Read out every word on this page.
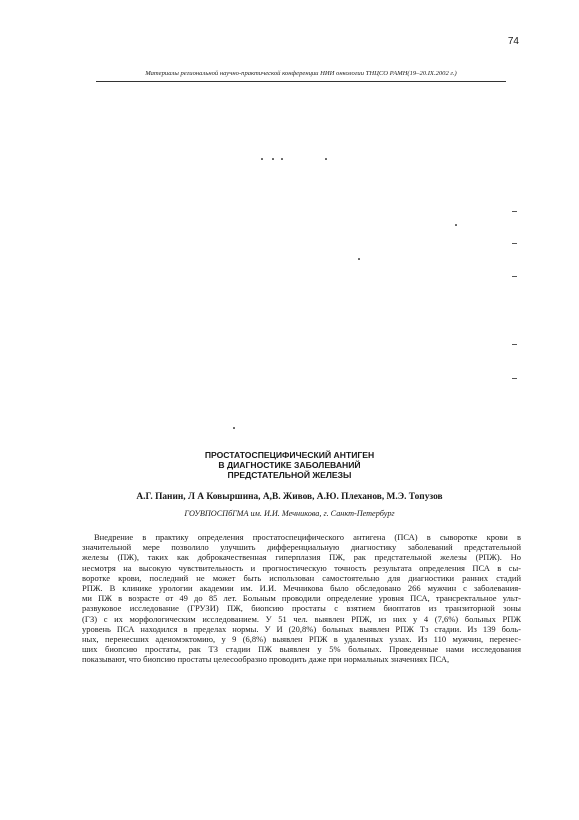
74
Материалы региональной научно-практической конференции НИИ онкологии ТНЦСО РАМН(19–20.IX.2002 г.)
ПРОСТАТОСПЕЦИФИЧЕСКИЙ АНТИГЕН
В ДИАГНОСТИКЕ ЗАБОЛЕВАНИЙ
ПРЕДСТАТЕЛЬНОЙ ЖЕЛЕЗЫ
А.Г. Панин, Л А Ковыршина, А,В. Живов, А.Ю. Плеханов, М.Э. Топузов
ГОУВПОСПбГМА им. И.И. Мечникова, г. Санкт-Петербург
Внедрение в практику определения простатоспецифического антигена (ПСА) в сыворотке крови в
значительной мере позволило улучшить дифференциальную диагностику заболеваний предстательной
железы (ПЖ), таких как доброкачественная гиперплазия ПЖ, рак предстательной железы (РПЖ). Но
несмотря на высокую чувствительность и прогностическую точность результата определения ПСА в сы-
воротке крови, последний не может быть использован самостоятельно для диагностики ранних стадий
РПЖ. В клинике урологии академии им. И.И. Мечникова было обследовано 266 мужчин с заболевания-
ми ПЖ в возрасте от 49 до 85 лет. Больным проводили определение уровня ПСА, трансректальное ульт-
развуковое исследование (ГРУЗИ) ПЖ, биопсию простаты с взятием биоптатов из транзиторной зоны
(ГЗ) с их морфологическим исследованием. У 51 чел. выявлен РПЖ, из них у 4 (7,6%) больных РПЖ
уровень ПСА находился в пределах нормы. У И (20,8%) больных выявлен РПЖ Тз стадии. Из 139 боль-
ных, перенесших аденомэктомию, у 9 (6,8%) выявлен РПЖ в удаленных узлах. Из 110 мужчин, перенес-
ших биопсию простаты, рак ТЗ стадии ПЖ выявлен у 5% больных. Проведенные нами исследования
показывают, что биопсию простаты целесообразно проводить даже при нормальных значениях ПСА,
